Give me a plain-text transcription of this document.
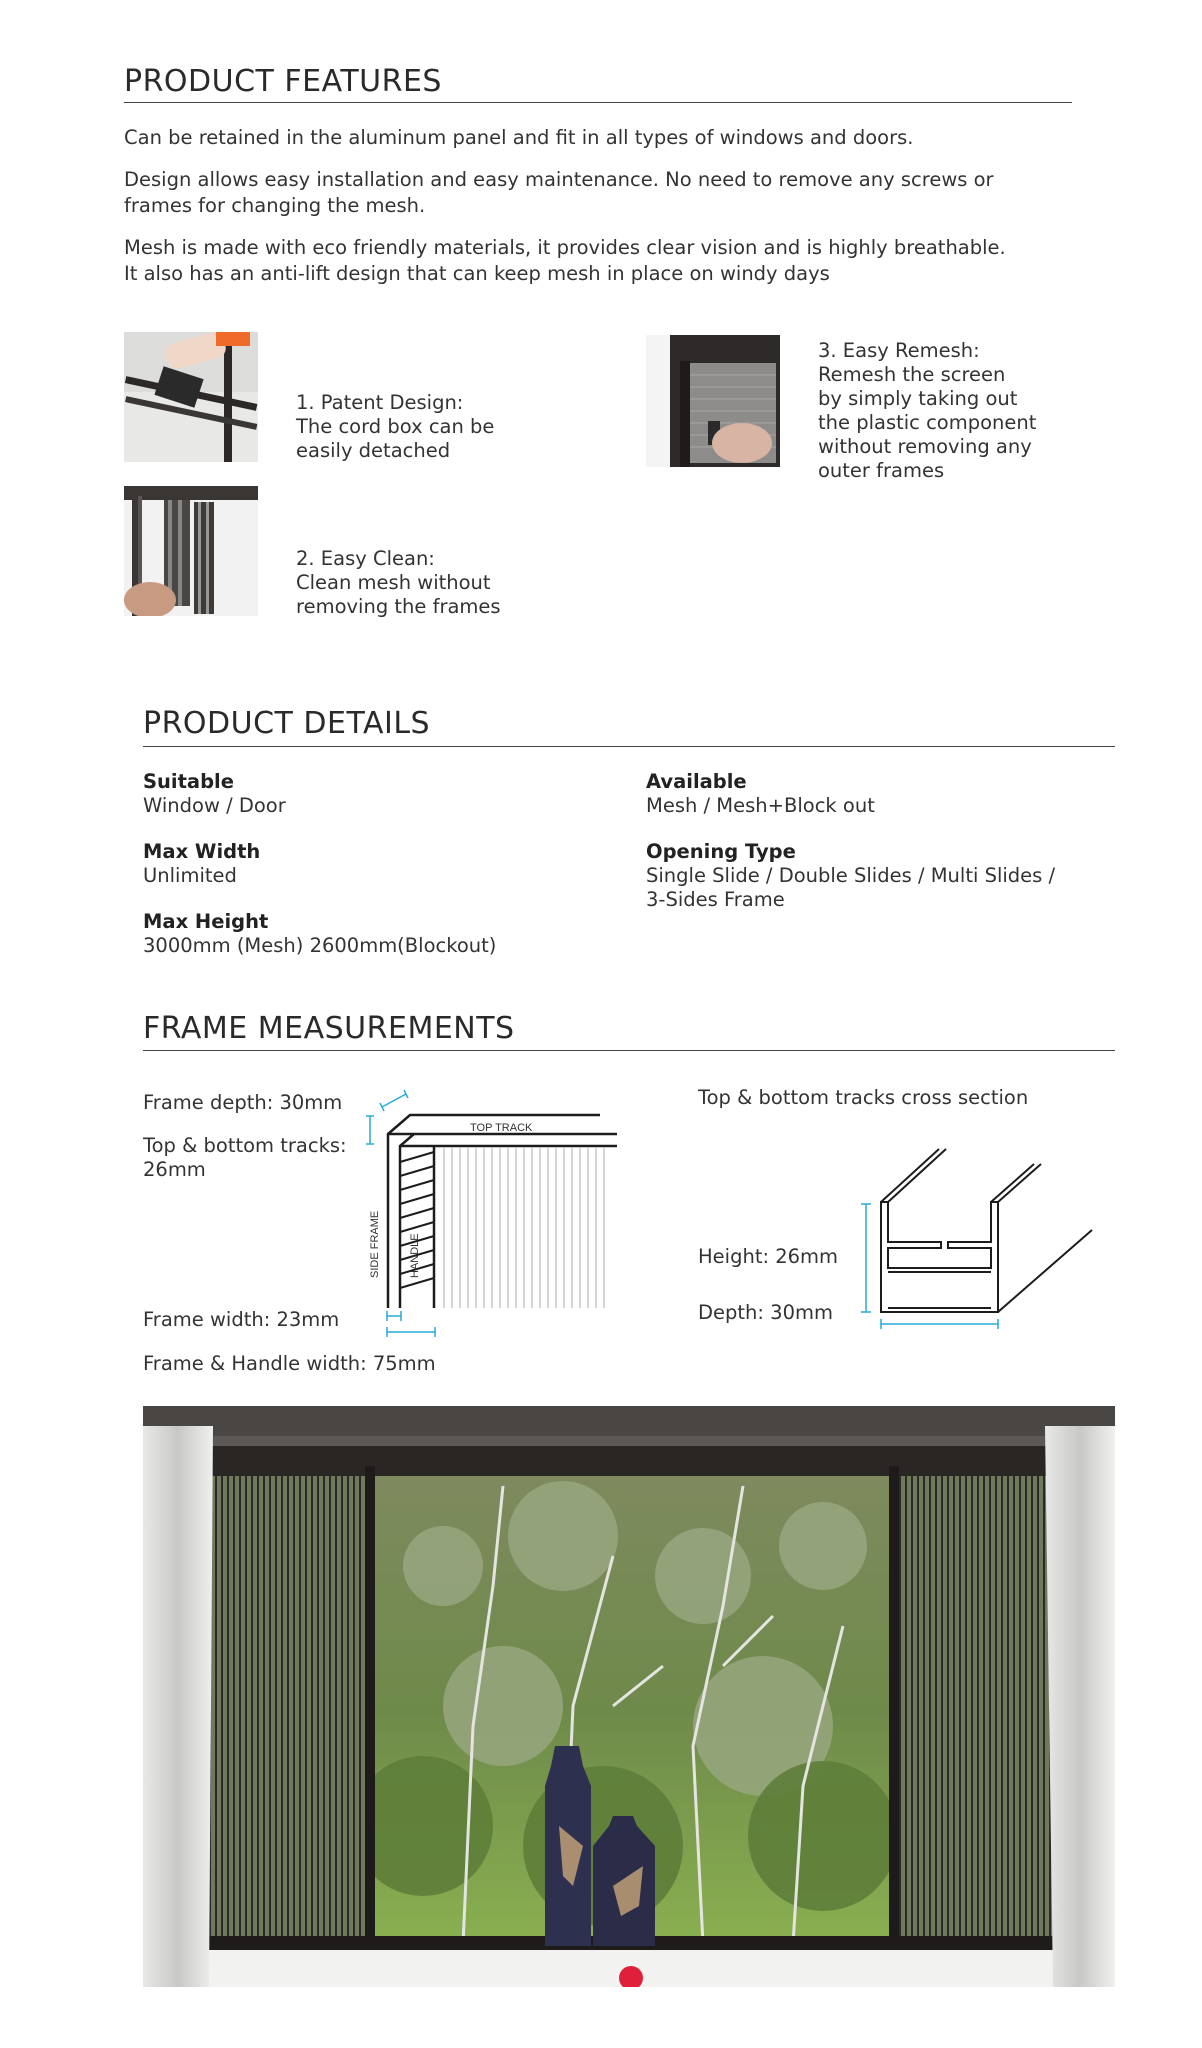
PRODUCT FEATURES

Can be retained in the aluminum panel and fit in all types of windows and doors.

Design allows easy installation and easy maintenance. No need to remove any screws or

frames for changing the mesh.

Mesh is made with eco friendly materials, it provides clear vision and is highly breathable.

It also has an anti-lift design that can keep mesh in place on windy days

1. Patent Design:

The cord box can be

easily detached

2. Easy Clean:

Clean mesh without

removing the frames

3. Easy Remesh:

Remesh the screen

by simply taking out

the plastic component

without removing any

outer frames

PRODUCT DETAILS
Suitable
Window / Door
Max Width
Unlimited
Max Height
3000mm (Mesh) 2600mm(Blockout)
Available
Mesh / Mesh+Block out
Opening Type
Single Slide / Double Slides / Multi Slides /
3-Sides Frame
FRAME MEASUREMENTS
Frame depth: 30mm
Top & bottom tracks:
26mm
Frame width: 23mm
Frame & Handle width: 75mm
TOP TRACK
SIDE FRAME	HANDLE
Top & bottom tracks cross section
Height: 26mm
Depth: 30mm
